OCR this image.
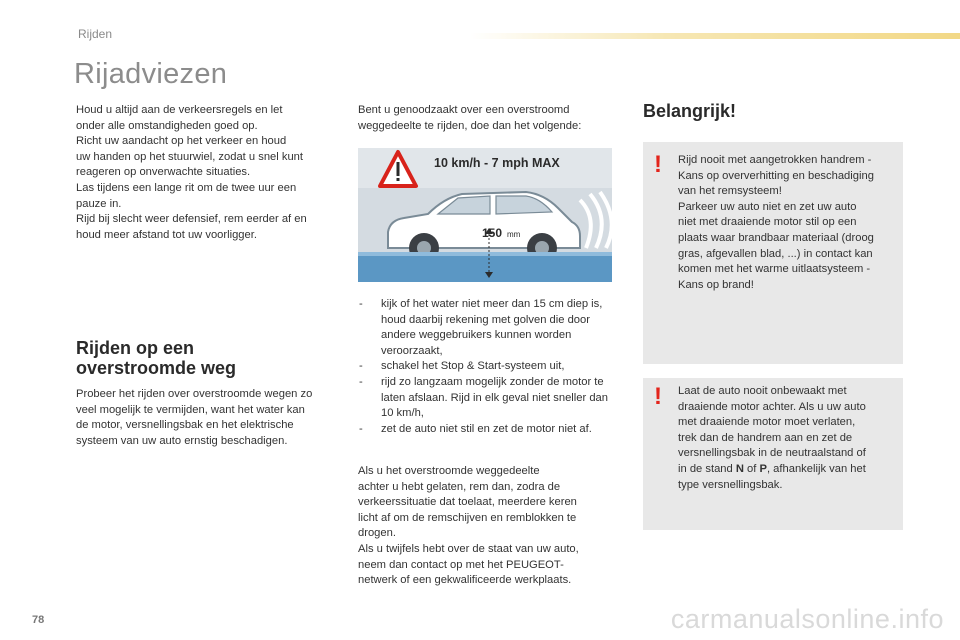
Rijden
Rijadviezen

Houd u altijd aan de verkeersregels en let

onder alle omstandigheden goed op.

Richt uw aandacht op het verkeer en houd

uw handen op het stuurwiel, zodat u snel kunt

reageren op onverwachte situaties.

Las tijdens een lange rit om de twee uur een

pauze in.

Rijd bij slecht weer defensief, rem eerder af en

houd meer afstand tot uw voorligger.

Rijden op een
overstroomde weg

Probeer het rijden over overstroomde wegen zo

veel mogelijk te vermijden, want het water kan

de motor, versnellingsbak en het elektrische

systeem van uw auto ernstig beschadigen.

Bent u genoodzaakt over een overstroomd

weggedeelte te rijden, doe dan het volgende:

10 km/h - 7 mph MAX
150 mm
- kijk of het water niet meer dan 15 cm diep is, houd daarbij rekening met golven die door andere weggebruikers kunnen worden veroorzaakt,
- schakel het Stop & Start-systeem uit,
- rijd zo langzaam mogelijk zonder de motor te laten afslaan. Rijd in elk geval niet sneller dan 10 km/h,
- zet de auto niet stil en zet de motor niet af.

Als u het overstroomde weggedeelte

achter u hebt gelaten, rem dan, zodra de

verkeerssituatie dat toelaat, meerdere keren

licht af om de remschijven en remblokken te

drogen.

Als u twijfels hebt over de staat van uw auto,

neem dan contact op met het PEUGEOT-

netwerk of een gekwalificeerde werkplaats.

Belangrijk!
! Rijd nooit met aangetrokken handrem -

Kans op oververhitting en beschadiging

van het remsysteem!

Parkeer uw auto niet en zet uw auto

niet met draaiende motor stil op een

plaats waar brandbaar materiaal (droog

gras, afgevallen blad, ...) in contact kan

komen met het warme uitlaatsysteem -

Kans op brand!

! Laat de auto nooit onbewaakt met

draaiende motor achter. Als u uw auto

met draaiende motor moet verlaten,

trek dan de handrem aan en zet de

versnellingsbak in de neutraalstand of

in de stand N of P, afhankelijk van het

type versnellingsbak.

78	carmanualsonline.info
